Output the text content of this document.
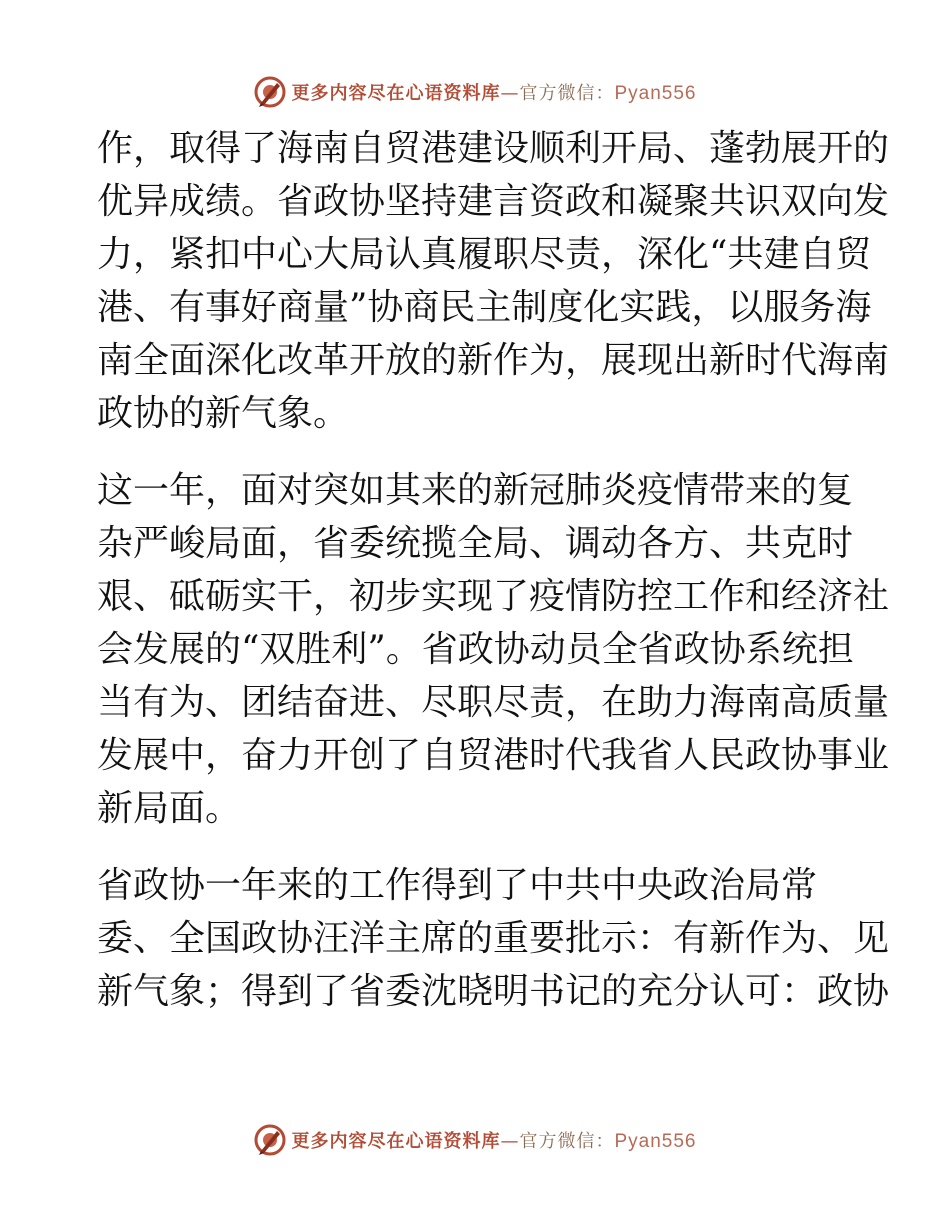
更多内容尽在心语资料库—官方微信：Pyan556

作，取得了海南自贸港建设顺利开局、蓬勃展开的
优异成绩。省政协坚持建言资政和凝聚共识双向发
力，紧扣中心大局认真履职尽责，深化“共建自贸
港、有事好商量”协商民主制度化实践，以服务海
南全面深化改革开放的新作为，展现出新时代海南
政协的新气象。

这一年，面对突如其来的新冠肺炎疫情带来的复
杂严峻局面，省委统揽全局、调动各方、共克时
艰、砥砺实干，初步实现了疫情防控工作和经济社
会发展的“双胜利”。省政协动员全省政协系统担
当有为、团结奋进、尽职尽责，在助力海南高质量
发展中，奋力开创了自贸港时代我省人民政协事业
新局面。

省政协一年来的工作得到了中共中央政治局常
委、全国政协汪洋主席的重要批示：有新作为、见
新气象；得到了省委沈晓明书记的充分认可：政协

更多内容尽在心语资料库—官方微信：Pyan556
